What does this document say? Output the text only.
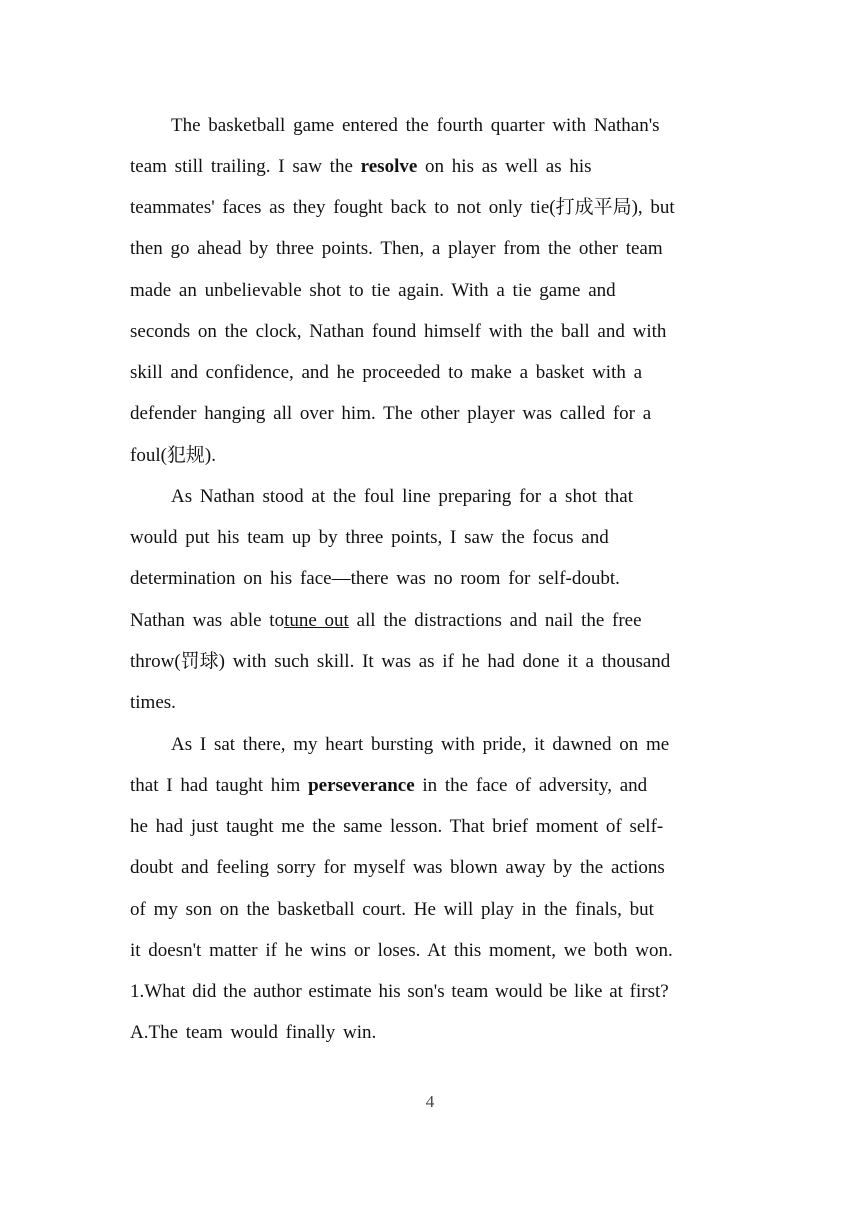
The basketball game entered the fourth quarter with Nathan's
team still trailing. I saw the resolve on his as well as his
teammates' faces as they fought back to not only tie(打成平局), but
then go ahead by three points. Then, a player from the other team
made an unbelievable shot to tie again. With a tie game and
seconds on the clock, Nathan found himself with the ball and with
skill and confidence, and he proceeded to make a basket with a
defender hanging all over him. The other player was called for a
foul(犯规).
As Nathan stood at the foul line preparing for a shot that
would put his team up by three points, I saw the focus and
determination on his face—there was no room for self-doubt.
Nathan was able totune out all the distractions and nail the free
throw(罚球) with such skill. It was as if he had done it a thousand
times.
As I sat there, my heart bursting with pride, it dawned on me
that I had taught him perseverance in the face of adversity, and
he had just taught me the same lesson. That brief moment of self-
doubt and feeling sorry for myself was blown away by the actions
of my son on the basketball court. He will play in the finals, but
it doesn't matter if he wins or loses. At this moment, we both won.
1.What did the author estimate his son's team would be like at first?
A.The team would finally win.
4
